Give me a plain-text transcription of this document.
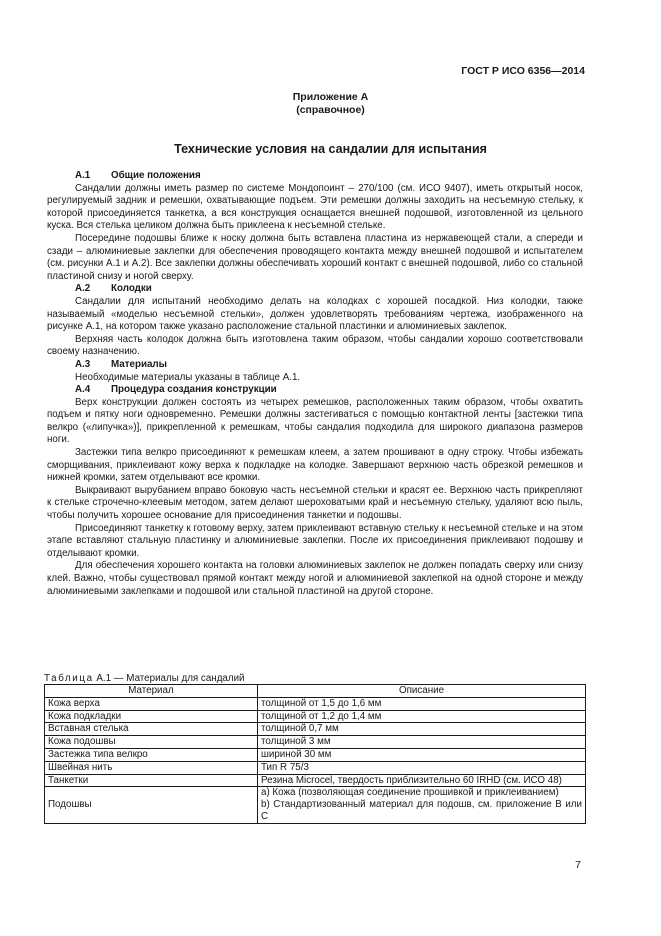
ГОСТ Р ИСО 6356—2014
Приложение А
(справочное)
Технические условия на сандалии для испытания
А.1 Общие положения

Сандалии должны иметь размер по системе Мондопоинт – 270/100 (см. ИСО 9407), иметь открытый носок, регулируемый задник и ремешки, охватывающие подъем. Эти ремешки должны заходить на несъемную стельку, к которой присоединяется танкетка, а вся конструкция оснащается внешней подошвой, изготовленной из цельного куска. Вся стелька целиком должна быть приклеена к несъемной стельке.

Посередине подошвы ближе к носку должна быть вставлена пластина из нержавеющей стали, а спереди и сзади – алюминиевые заклепки для обеспечения проводящего контакта между внешней подошвой и испытателем (см. рисунки А.1 и А.2). Все заклепки должны обеспечивать хороший контакт с внешней подошвой, либо со стальной пластиной снизу и ногой сверху.

А.2 Колодки

Сандалии для испытаний необходимо делать на колодках с хорошей посадкой. Низ колодки, также называемый «моделью несъемной стельки», должен удовлетворять требованиям чертежа, изображенного на рисунке А.1, на котором также указано расположение стальной пластинки и алюминиевых заклепок.

Верхняя часть колодок должна быть изготовлена таким образом, чтобы сандалии хорошо соответствовали своему назначению.

А.3 Материалы

Необходимые материалы указаны в таблице А.1.

А.4 Процедура создания конструкции

Верх конструкции должен состоять из четырех ремешков, расположенных таким образом, чтобы охватить подъем и пятку ноги одновременно. Ремешки должны застегиваться с помощью контактной ленты [застежки типа велкро («липучка»)], прикрепленной к ремешкам, чтобы сандалия подходила для широкого диапазона размеров ноги.

Застежки типа велкро присоединяют к ремешкам клеем, а затем прошивают в одну строку. Чтобы избежать сморщивания, приклеивают кожу верха к подкладке на колодке. Завершают верхнюю часть обрезкой ремешков и нижней кромки, затем отделывают все кромки.

Выкраивают вырубанием вправо боковую часть несъемной стельки и красят ее. Верхнюю часть прикрепляют к стельке строчечно-клеевым методом, затем делают шероховатыми край и несъемную стельку, удаляют всю пыль, чтобы получить хорошее основание для присоединения танкетки и подошвы.

Присоединяют танкетку к готовому верху, затем приклеивают вставную стельку к несъемной стельке и на этом этапе вставляют стальную пластинку и алюминиевые заклепки. После их присоединения приклеивают подошву и отделывают кромки.

Для обеспечения хорошего контакта на головки алюминиевых заклепок не должен попадать сверху или снизу клей. Важно, чтобы существовал прямой контакт между ногой и алюминиевой заклепкой на одной стороне и между алюминиевыми заклепками и подошвой или стальной пластиной на другой стороне.

Таблица А.1 — Материалы для сандалий
Материал	Описание
Кожа верха	толщиной от 1,5 до 1,6 мм

Кожа подкладки	толщиной от 1,2 до 1,4 мм

Вставная стелька	толщиной 0,7 мм

Кожа подошвы	толщиной 3 мм

Застежка типа велкро	шириной 30 мм

Швейная нить	Тип R 75/3

Танкетки	Резина Microcel, твердость приблизительно 60 IRHD (см. ИСО 48)

Подошвы	а) Кожа (позволяющая соединение прошивкой и приклеиванием)
b) Стандартизованный материал для подошв, см. приложение В или С
7
